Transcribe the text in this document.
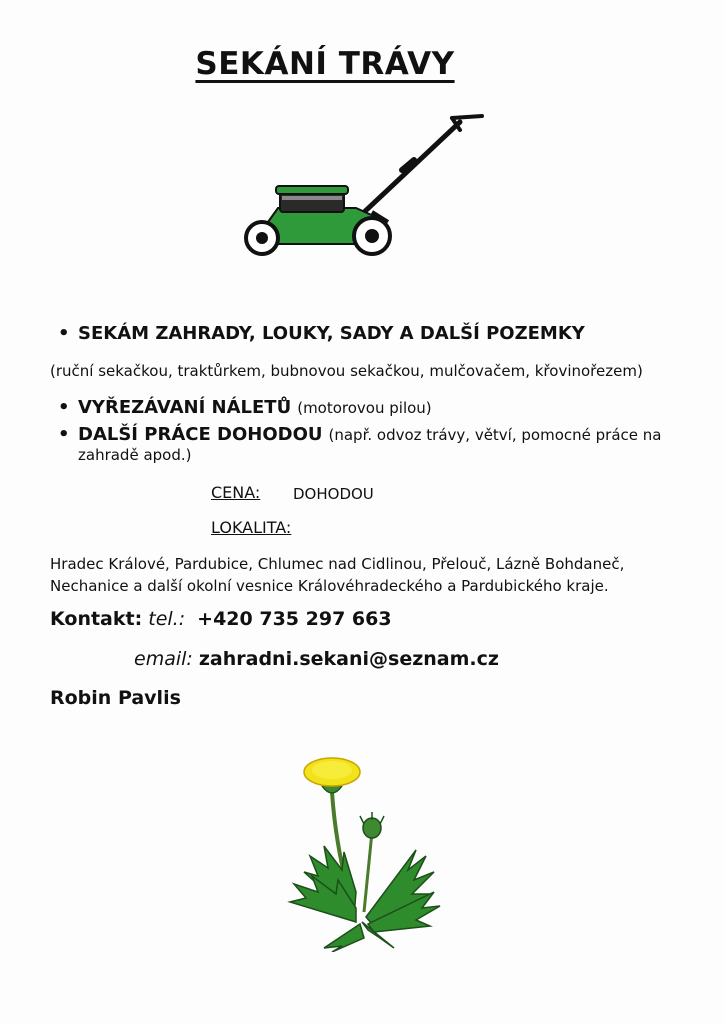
SEKÁNÍ TRÁVY
• SEKÁM ZAHRADY, LOUKY, SADY A DALŠÍ POZEMKY
(ruční sekačkou, traktůrkem, bubnovou sekačkou, mulčovačem, křovinořezem)
• VYŘEZÁVANÍ NÁLETŮ (motorovou pilou)
• DALŠÍ PRÁCE DOHODOU (např. odvoz trávy, větví, pomocné práce na
zahradě apod.)
CENA: DOHODOU
LOKALITA:
Hradec Králové, Pardubice, Chlumec nad Cidlinou, Přelouč, Lázně Bohdaneč,
Nechanice a další okolní vesnice Královéhradeckého a Pardubického kraje.
Kontakt: tel.: +420 735 297 663
email: zahradni.sekani@seznam.cz
Robin Pavlis
